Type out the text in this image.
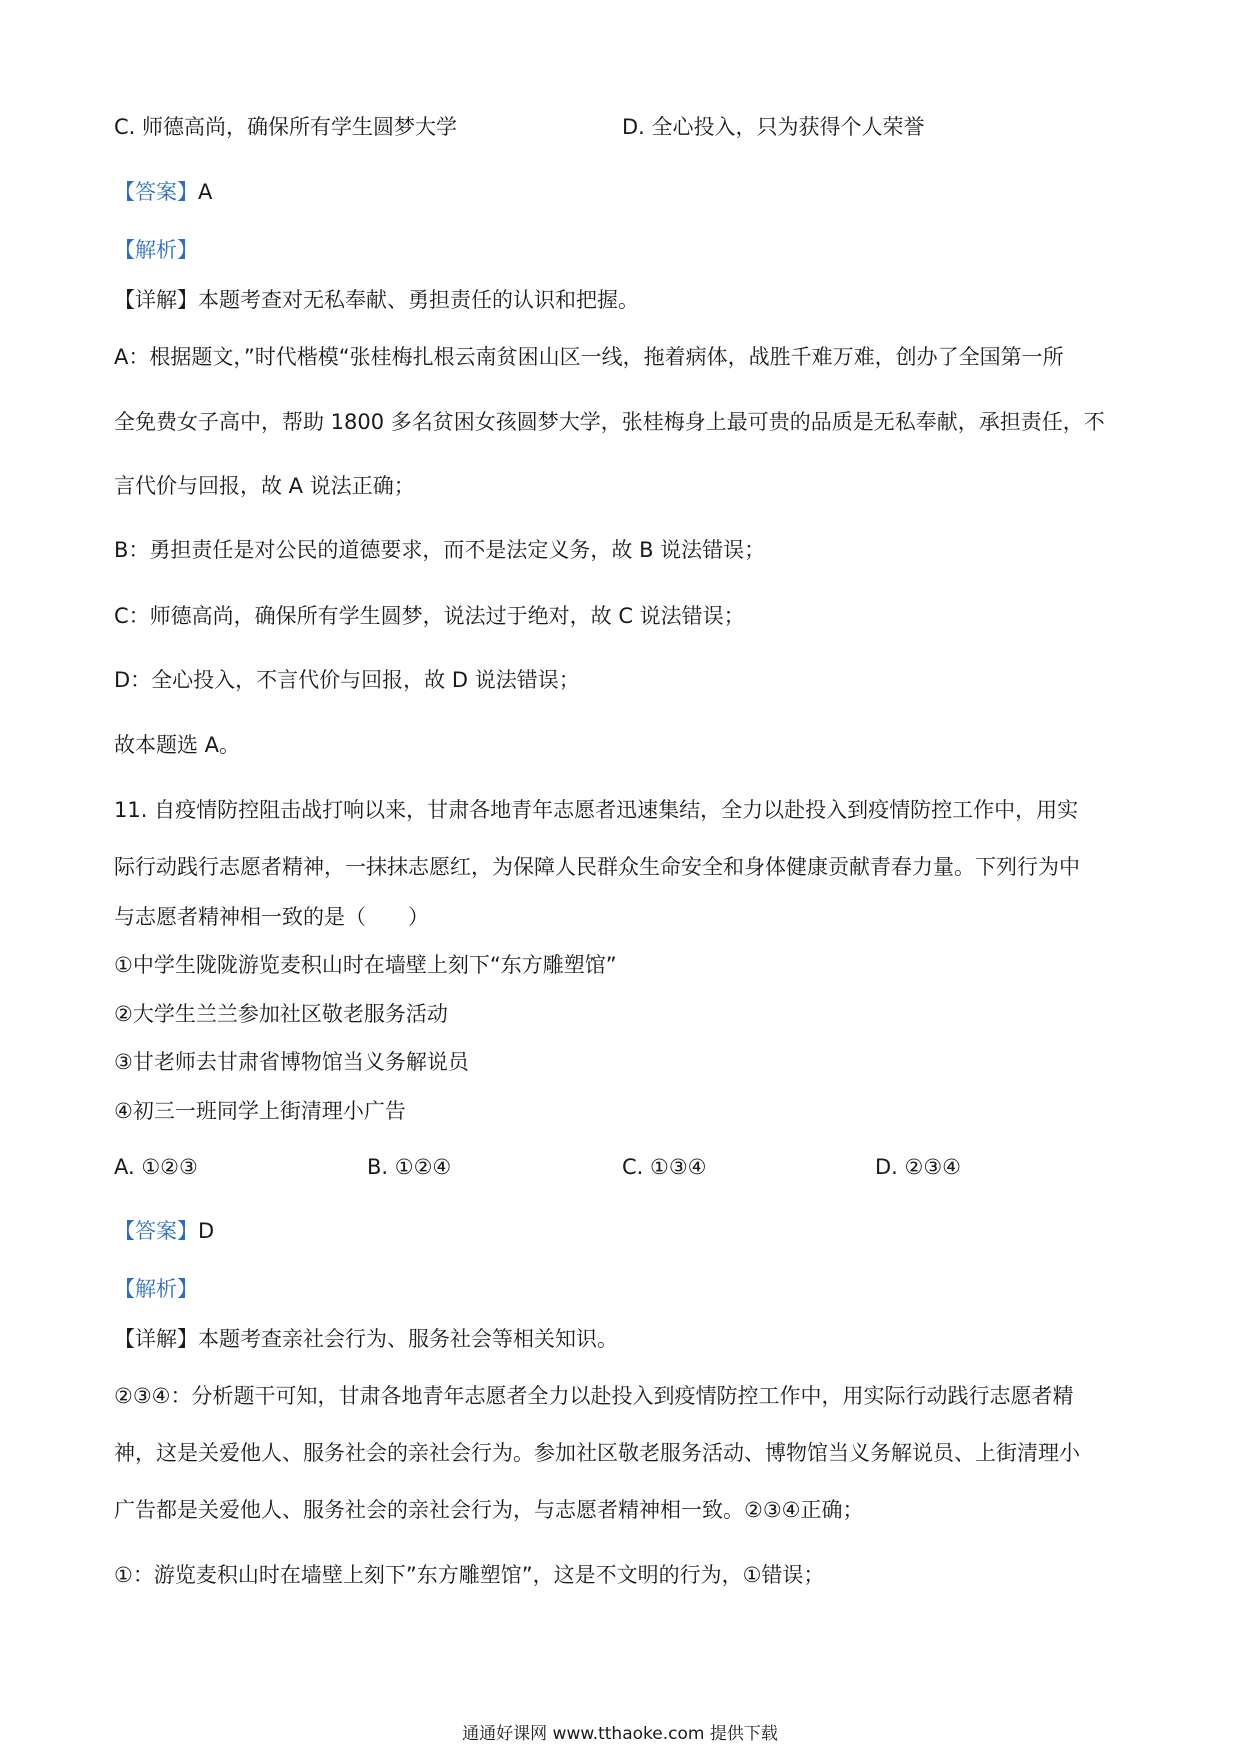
C. 师德高尚，确保所有学生圆梦大学	D. 全心投入，只为获得个人荣誉
【答案】A
【解析】
【详解】本题考查对无私奉献、勇担责任的认识和把握。
A：根据题文，”时代楷模“张桂梅扎根云南贫困山区一线，拖着病体，战胜千难万难，创办了全国第一所
全免费女子高中，帮助 1800 多名贫困女孩圆梦大学，张桂梅身上最可贵的品质是无私奉献，承担责任，不
言代价与回报，故 A 说法正确；
B：勇担责任是对公民的道德要求，而不是法定义务，故 B 说法错误；
C：师德高尚，确保所有学生圆梦，说法过于绝对，故 C 说法错误；
D：全心投入，不言代价与回报，故 D 说法错误；
故本题选 A。
11. 自疫情防控阻击战打响以来，甘肃各地青年志愿者迅速集结，全力以赴投入到疫情防控工作中，用实
际行动践行志愿者精神，一抹抹志愿红，为保障人民群众生命安全和身体健康贡献青春力量。下列行为中
与志愿者精神相一致的是（　　）
①中学生陇陇游览麦积山时在墙壁上刻下“东方雕塑馆”
②大学生兰兰参加社区敬老服务活动
③甘老师去甘肃省博物馆当义务解说员
④初三一班同学上街清理小广告
A. ①②③	B. ①②④	C. ①③④	D. ②③④
【答案】D
【解析】
【详解】本题考查亲社会行为、服务社会等相关知识。
②③④：分析题干可知，甘肃各地青年志愿者全力以赴投入到疫情防控工作中，用实际行动践行志愿者精
神，这是关爱他人、服务社会的亲社会行为。参加社区敬老服务活动、博物馆当义务解说员、上街清理小
广告都是关爱他人、服务社会的亲社会行为，与志愿者精神相一致。②③④正确；
①：游览麦积山时在墙壁上刻下”东方雕塑馆”，这是不文明的行为，①错误；
通通好课网 www.tthaoke.com 提供下载
